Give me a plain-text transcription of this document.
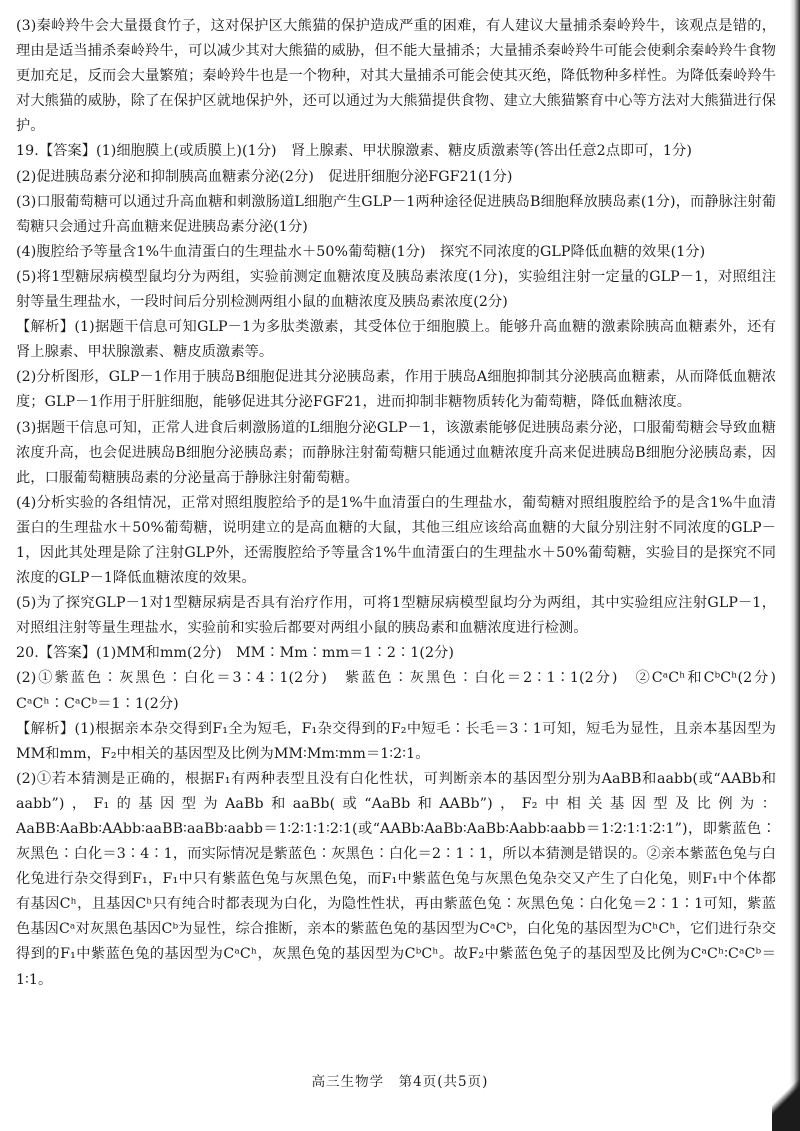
(3)秦岭羚牛会大量摄食竹子，这对保护区大熊猫的保护造成严重的困难，有人建议大量捕杀秦岭羚牛，该观点是错的，理由是适当捕杀秦岭羚牛，可以减少其对大熊猫的威胁，但不能大量捕杀；大量捕杀秦岭羚牛可能会使剩余秦岭羚牛食物更加充足，反而会大量繁殖；秦岭羚牛也是一个物种，对其大量捕杀可能会使其灭绝，降低物种多样性。为降低秦岭羚牛对大熊猫的威胁，除了在保护区就地保护外，还可以通过为大熊猫提供食物、建立大熊猫繁育中心等方法对大熊猫进行保护。

19.【答案】(1)细胞膜上(或质膜上)(1分)　肾上腺素、甲状腺激素、糖皮质激素等(答出任意2点即可，1分)

(2)促进胰岛素分泌和抑制胰高血糖素分泌(2分)　促进肝细胞分泌FGF21(1分)

(3)口服葡萄糖可以通过升高血糖和刺激肠道L细胞产生GLP－1两种途径促进胰岛B细胞释放胰岛素(1分)，而静脉注射葡萄糖只会通过升高血糖来促进胰岛素分泌(1分)

(4)腹腔给予等量含1%牛血清蛋白的生理盐水＋50%葡萄糖(1分)　探究不同浓度的GLP降低血糖的效果(1分)

(5)将1型糖尿病模型鼠均分为两组，实验前测定血糖浓度及胰岛素浓度(1分)，实验组注射一定量的GLP－1，对照组注射等量生理盐水，一段时间后分别检测两组小鼠的血糖浓度及胰岛素浓度(2分)

【解析】(1)据题干信息可知GLP－1为多肽类激素，其受体位于细胞膜上。能够升高血糖的激素除胰高血糖素外，还有肾上腺素、甲状腺激素、糖皮质激素等。

(2)分析图形，GLP－1作用于胰岛B细胞促进其分泌胰岛素，作用于胰岛A细胞抑制其分泌胰高血糖素，从而降低血糖浓度；GLP－1作用于肝脏细胞，能够促进其分泌FGF21，进而抑制非糖物质转化为葡萄糖，降低血糖浓度。

(3)据题干信息可知，正常人进食后刺激肠道的L细胞分泌GLP－1，该激素能够促进胰岛素分泌，口服葡萄糖会导致血糖浓度升高，也会促进胰岛B细胞分泌胰岛素；而静脉注射葡萄糖只能通过血糖浓度升高来促进胰岛B细胞分泌胰岛素，因此，口服葡萄糖胰岛素的分泌量高于静脉注射葡萄糖。

(4)分析实验的各组情况，正常对照组腹腔给予的是1%牛血清蛋白的生理盐水，葡萄糖对照组腹腔给予的是含1%牛血清蛋白的生理盐水＋50%葡萄糖，说明建立的是高血糖的大鼠，其他三组应该给高血糖的大鼠分别注射不同浓度的GLP－1，因此其处理是除了注射GLP外，还需腹腔给予等量含1%牛血清蛋白的生理盐水＋50%葡萄糖，实验目的是探究不同浓度的GLP－1降低血糖浓度的效果。

(5)为了探究GLP－1对1型糖尿病是否具有治疗作用，可将1型糖尿病模型鼠均分为两组，其中实验组应注射GLP－1，对照组注射等量生理盐水，实验前和实验后都要对两组小鼠的胰岛素和血糖浓度进行检测。

20.【答案】(1)MM和mm(2分)　MM∶Mm∶mm＝1∶2∶1(2分)

(2)①紫蓝色∶灰黑色∶白化＝3∶4∶1(2分)　紫蓝色∶灰黑色∶白化＝2∶1∶1(2分)　②CᵃCʰ和CᵇCʰ(2分)　CᵃCʰ∶CᵃCᵇ＝1∶1(2分)

【解析】(1)根据亲本杂交得到F₁全为短毛，F₁杂交得到的F₂中短毛∶长毛＝3∶1可知，短毛为显性，且亲本基因型为MM和mm，F₂中相关的基因型及比例为MM∶Mm∶mm＝1∶2∶1。

(2)①若本猜测是正确的，根据F₁有两种表型且没有白化性状，可判断亲本的基因型分别为AaBB和aabb(或“AABb和aabb”)，F₁的基因型为AaBb和aaBb(或“AaBb和AABb”)，F₂中相关基因型及比例为：AaBB∶AaBb∶AAbb∶aaBB∶aaBb∶aabb＝1∶2∶1∶1∶2∶1(或“AABb∶AaBb∶AaBb∶Aabb∶aabb＝1∶2∶1∶1∶2∶1”)，即紫蓝色∶灰黑色∶白化＝3∶4∶1，而实际情况是紫蓝色∶灰黑色∶白化＝2∶1∶1，所以本猜测是错误的。②亲本紫蓝色兔与白化兔进行杂交得到F₁，F₁中只有紫蓝色兔与灰黑色兔，而F₁中紫蓝色兔与灰黑色兔杂交又产生了白化兔，则F₁中个体都有基因Cʰ，且基因Cʰ只有纯合时都表现为白化，为隐性性状，再由紫蓝色兔∶灰黑色兔∶白化兔＝2∶1∶1可知，紫蓝色基因Cᵃ对灰黑色基因Cᵇ为显性，综合推断，亲本的紫蓝色兔的基因型为CᵃCᵇ，白化兔的基因型为CʰCʰ，它们进行杂交得到的F₁中紫蓝色兔的基因型为CᵃCʰ，灰黑色兔的基因型为CᵇCʰ。故F₂中紫蓝色兔子的基因型及比例为CᵃCʰ∶CᵃCᵇ＝1∶1。

高三生物学　第4页(共5页)
